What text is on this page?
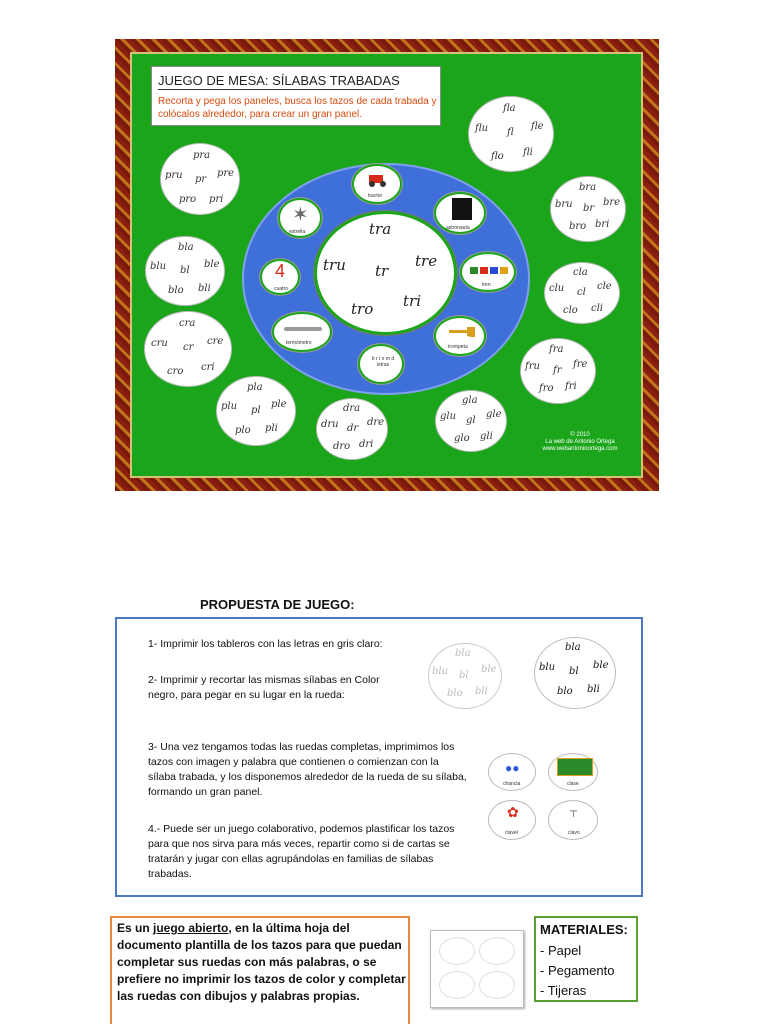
JUEGO DE MESA: SÍLABAS TRABADAS
Recorta y pega los paneles, busca los tazos de cada trabada y colócalos alrededor, para crear un gran panel.
tra
tru tr
tre
tro tri
tractor
✶
estrella
astronauta
4
cuatro
tren
termómetro
trompeta
b r i o m d letras
pra
pru pr
pre
pro pri
bla
blu bl
ble
blo bli
cra
cru cr
cre
cro cri
pla
plu pl
ple
plo pli
dra
dru dr
dre
dro dri
gla
glu gl
gle
glo gli
fla
flu fl
fle
flo fli
bra
bru br
bre
bro bri
cla
clu cl
cle
clo cli
fra
fru fr
fre
fro fri
© 2010
La web de Antonio Ortega
www.webantonioortega.com
PROPUESTA DE JUEGO:
1- Imprimir los tableros con las letras en gris claro:
2- Imprimir y recortar las mismas sílabas en Color negro, para pegar en su lugar en la rueda:
3- Una vez tengamos todas las ruedas completas, imprimimos los tazos con imagen y palabra que contienen o comienzan con la sílaba trabada, y los disponemos alrededor de la rueda de su sílaba, formando un gran panel.
4.- Puede ser un juego colaborativo, podemos plastificar los tazos para que nos sirva para más veces, repartir como si de cartas se tratarán y jugar con ellas agrupándolas en familias de sílabas trabadas.
bla
blu bl
ble
blo bli
bla
blu bl
ble
blo bli
●●
chancla	clase
✿
clavel
┬
clavo
Es un juego abierto, en la última hoja del documento plantilla de los tazos para que puedan completar sus ruedas con más palabras, o se prefiere no imprimir los tazos de color y completar las ruedas con dibujos y palabras propias.
MATERIALES:
- Papel
- Pegamento
- Tijeras
